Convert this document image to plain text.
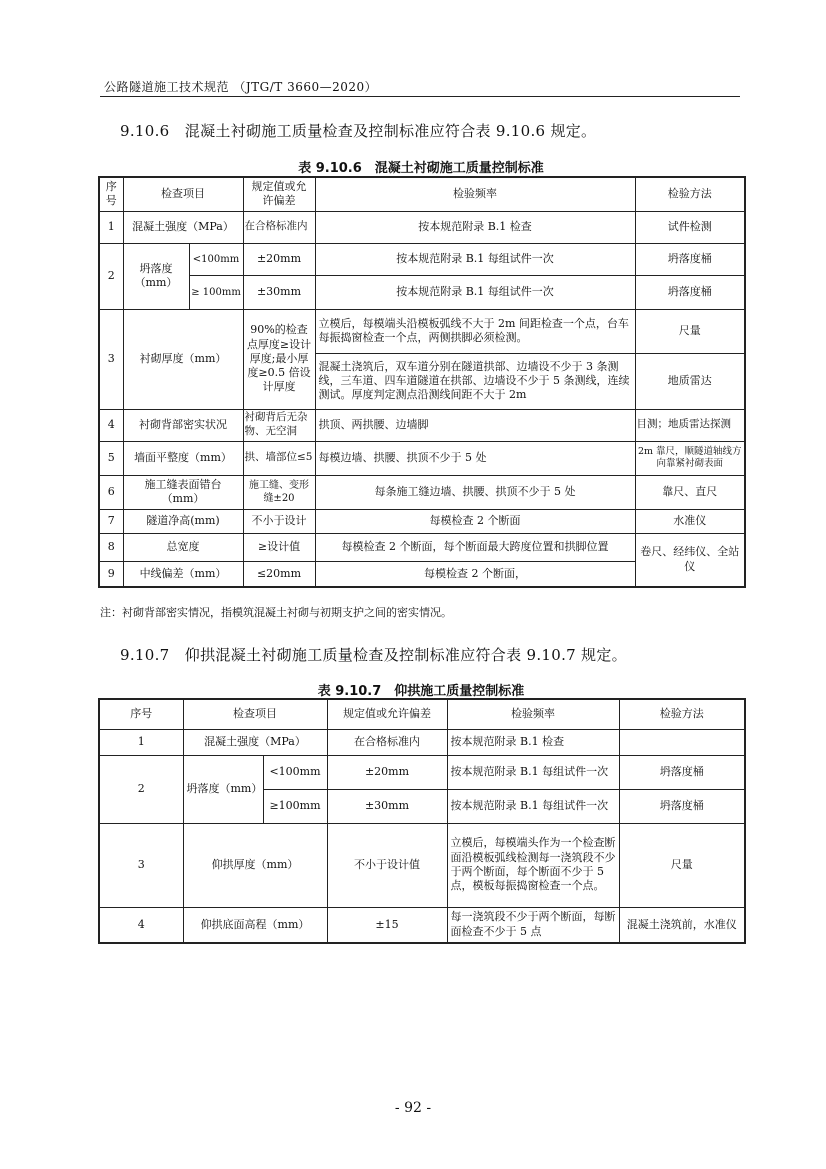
公路隧道施工技术规范 （JTG/T 3660—2020）
9.10.6　混凝土衬砌施工质量检查及控制标准应符合表 9.10.6 规定。
表 9.10.6　混凝土衬砌施工质量控制标准
序号	检查项目		规定值或允许偏差	检验频率	检验方法
1	混凝土强度（MPa）		在合格标准内	按本规范附录 B.1 检查	试件检测
2	坍落度（mm）	<100mm	±20mm	按本规范附录 B.1 每组试件一次	坍落度桶
		≥ 100mm	±30mm	按本规范附录 B.1 每组试件一次	坍落度桶
3	衬砌厚度（mm）		90%的检查点厚度≥设计厚度;最小厚度≥0.5 倍设计厚度	立模后，每模端头沿模板弧线不大于 2m 间距检查一个点，台车每振捣窗检查一个点，两侧拱脚必须检测。	尺量
				混凝土浇筑后，双车道分别在隧道拱部、边墙设不少于 3 条测线，三车道、四车道隧道在拱部、边墙设不少于 5 条测线，连续测试。厚度判定测点沿测线间距不大于 2m	地质雷达
4	衬砌背部密实状况		衬砌背后无杂物、无空洞	拱顶、两拱腰、边墙脚	目测；地质雷达探测
5	墙面平整度（mm）		拱、墙部位≤5	每模边墙、拱腰、拱顶不少于 5 处	2m 靠尺，顺隧道轴线方向靠紧衬砌表面
6	施工缝表面错台（mm）		施工缝、变形缝±20	每条施工缝边墙、拱腰、拱顶不少于 5 处	靠尺、直尺
7	隧道净高(mm)		不小于设计	每模检查 2 个断面	水准仪
8	总宽度		≥设计值	每模检查 2 个断面，每个断面最大跨度位置和拱脚位置	卷尺、经纬仪、全站仪
9	中线偏差（mm）		≤20mm	每模检查 2 个断面，	
注：衬砌背部密实情况，指模筑混凝土衬砌与初期支护之间的密实情况。
9.10.7　仰拱混凝土衬砌施工质量检查及控制标准应符合表 9.10.7 规定。
表 9.10.7　仰拱施工质量控制标准
序号	检查项目		规定值或允许偏差	检验频率	检验方法
1	混凝土强度（MPa）		在合格标准内	按本规范附录 B.1 检查	
2	坍落度（mm）	<100mm	±20mm	按本规范附录 B.1 每组试件一次	坍落度桶
		≥100mm	±30mm	按本规范附录 B.1 每组试件一次	坍落度桶
3	仰拱厚度（mm）		不小于设计值	立模后，每模端头作为一个检查断面沿模板弧线检测每一浇筑段不少于两个断面，每个断面不少于 5 点，模板每振捣窗检查一个点。	尺量
4	仰拱底面高程（mm）		±15	每一浇筑段不少于两个断面，每断面检查不少于 5 点	混凝土浇筑前，水准仪
- 92 -
